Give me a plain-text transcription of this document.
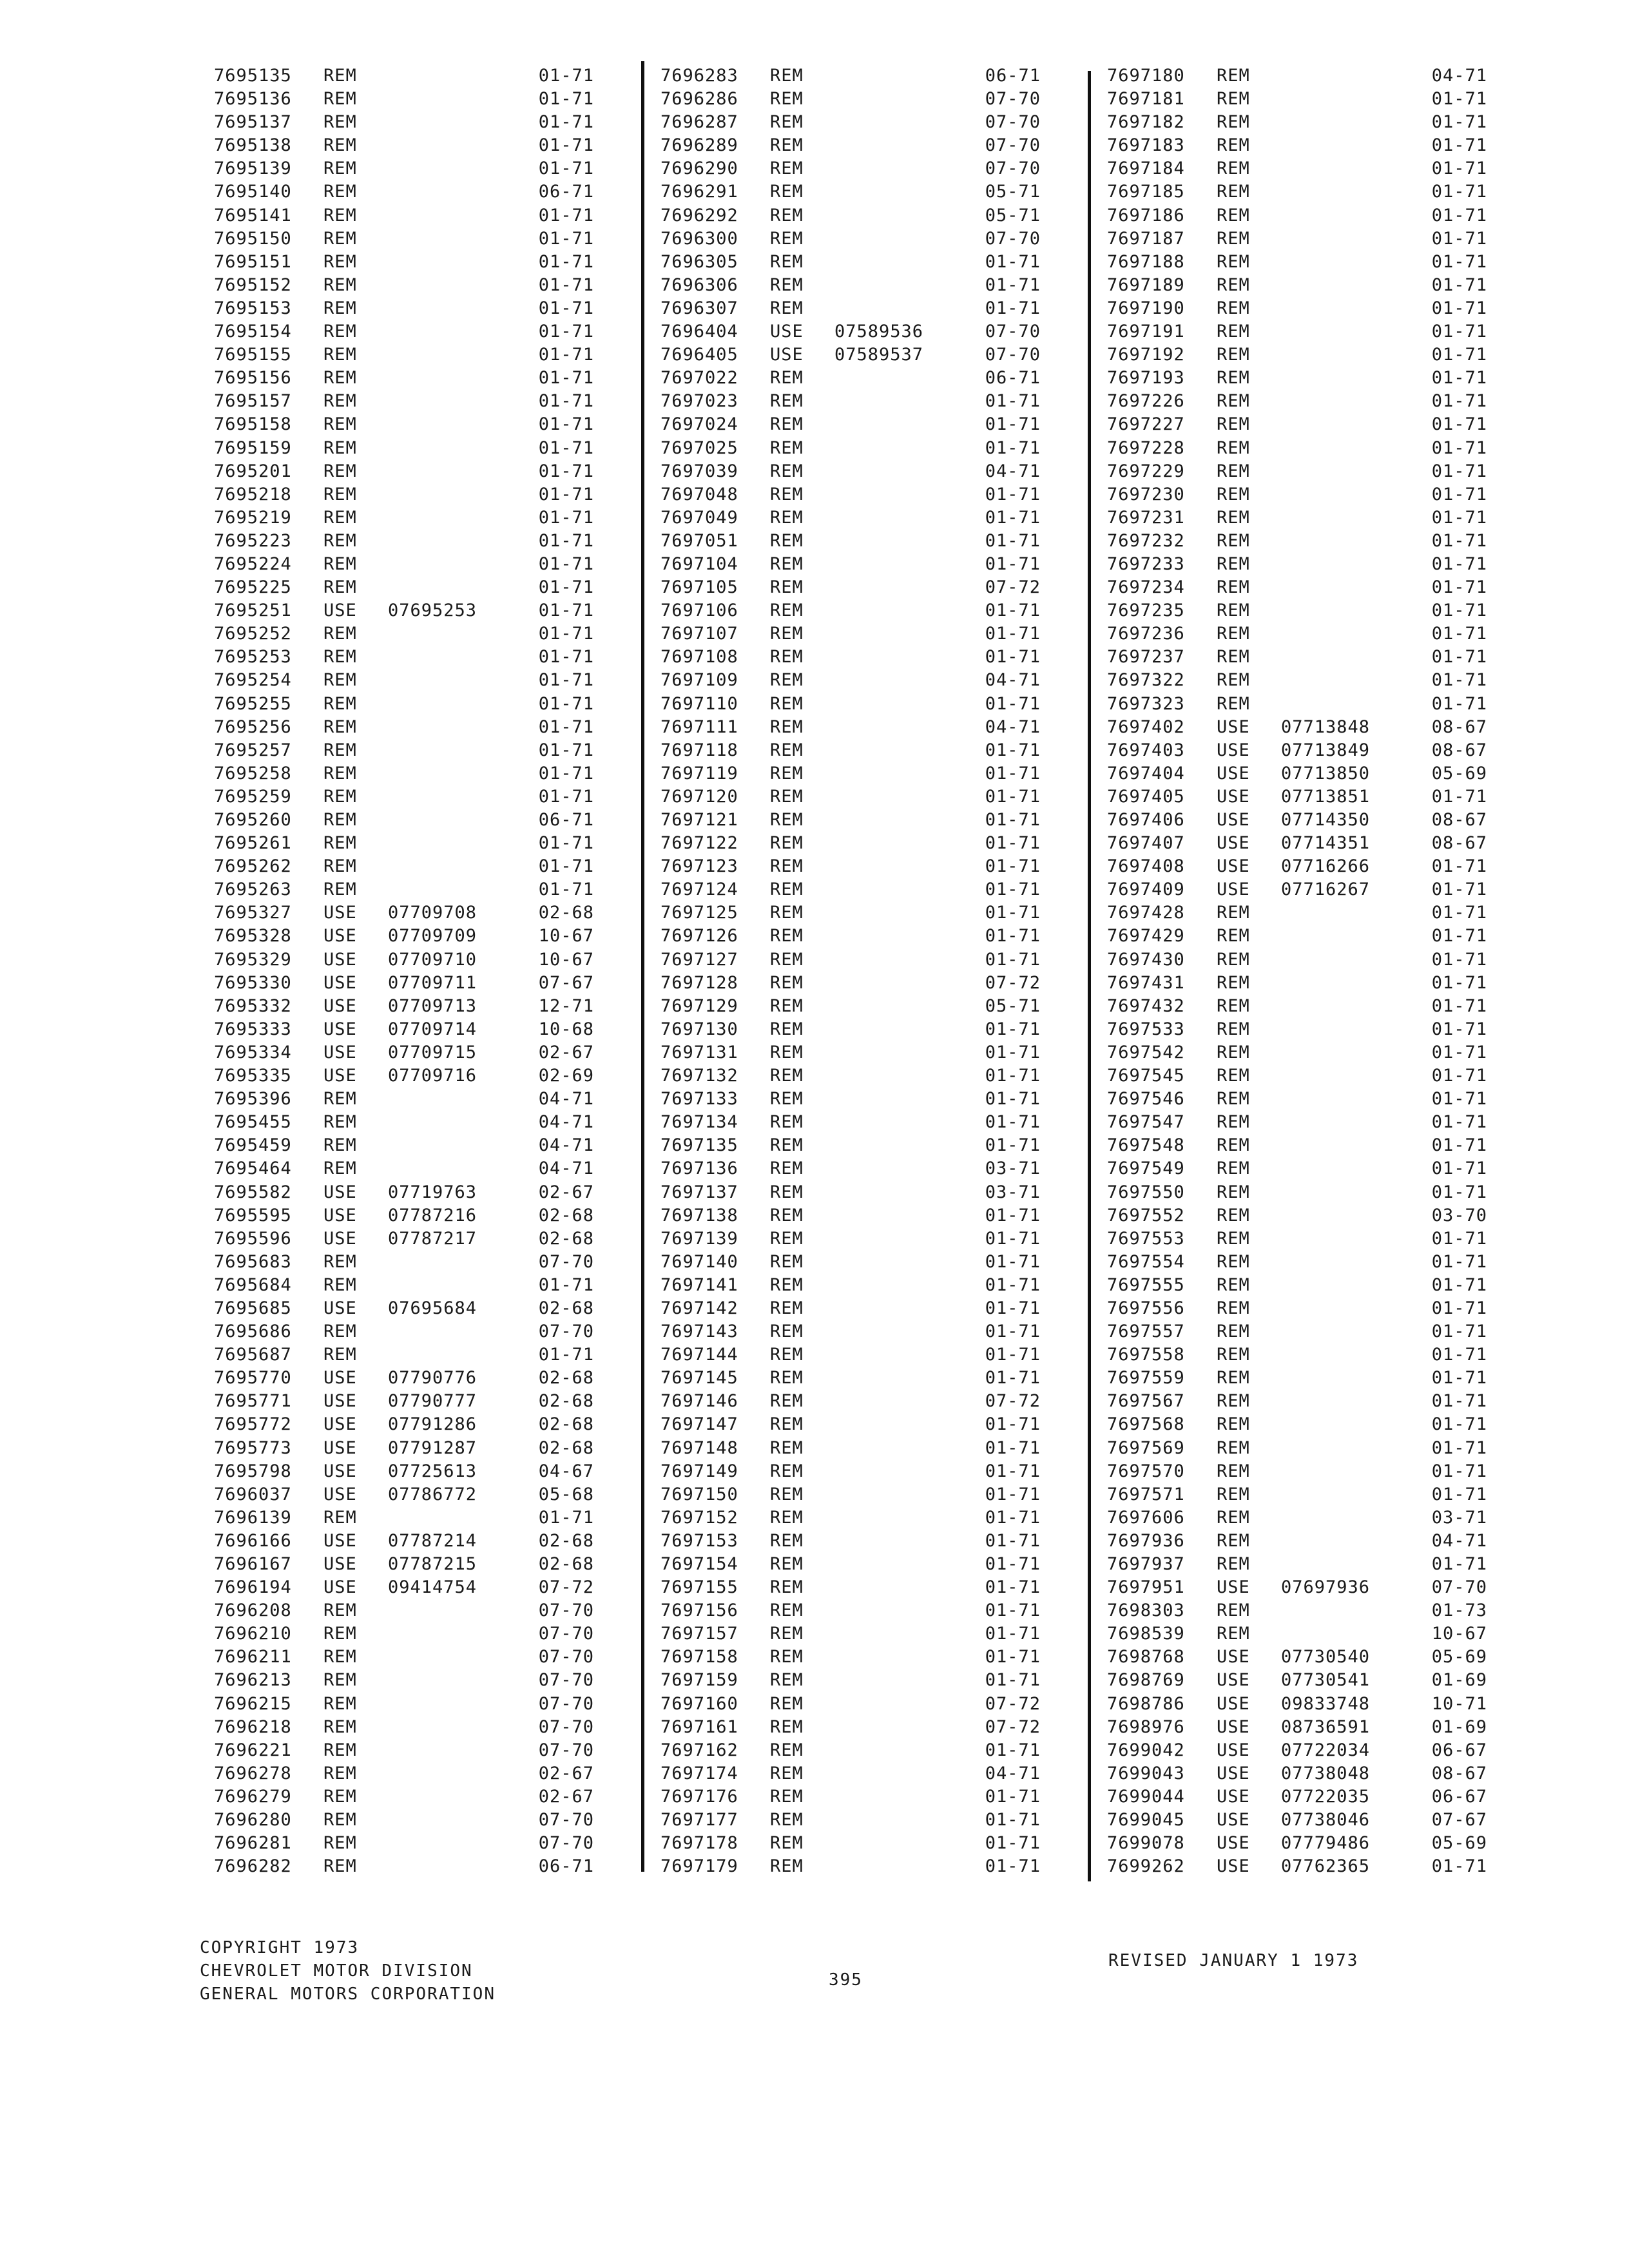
7695135	REM	01-71
7695136	REM	01-71
7695137	REM	01-71
7695138	REM	01-71
7695139	REM	01-71
7695140	REM	06-71
7695141	REM	01-71
7695150	REM	01-71
7695151	REM	01-71
7695152	REM	01-71
7695153	REM	01-71
7695154	REM	01-71
7695155	REM	01-71
7695156	REM	01-71
7695157	REM	01-71
7695158	REM	01-71
7695159	REM	01-71
7695201	REM	01-71
7695218	REM	01-71
7695219	REM	01-71
7695223	REM	01-71
7695224	REM	01-71
7695225	REM	01-71
7695251	USE	07695253	01-71
7695252	REM	01-71
7695253	REM	01-71
7695254	REM	01-71
7695255	REM	01-71
7695256	REM	01-71
7695257	REM	01-71
7695258	REM	01-71
7695259	REM	01-71
7695260	REM	06-71
7695261	REM	01-71
7695262	REM	01-71
7695263	REM	01-71
7695327	USE	07709708	02-68
7695328	USE	07709709	10-67
7695329	USE	07709710	10-67
7695330	USE	07709711	07-67
7695332	USE	07709713	12-71
7695333	USE	07709714	10-68
7695334	USE	07709715	02-67
7695335	USE	07709716	02-69
7695396	REM	04-71
7695455	REM	04-71
7695459	REM	04-71
7695464	REM	04-71
7695582	USE	07719763	02-67
7695595	USE	07787216	02-68
7695596	USE	07787217	02-68
7695683	REM	07-70
7695684	REM	01-71
7695685	USE	07695684	02-68
7695686	REM	07-70
7695687	REM	01-71
7695770	USE	07790776	02-68
7695771	USE	07790777	02-68
7695772	USE	07791286	02-68
7695773	USE	07791287	02-68
7695798	USE	07725613	04-67
7696037	USE	07786772	05-68
7696139	REM	01-71
7696166	USE	07787214	02-68
7696167	USE	07787215	02-68
7696194	USE	09414754	07-72
7696208	REM	07-70
7696210	REM	07-70
7696211	REM	07-70
7696213	REM	07-70
7696215	REM	07-70
7696218	REM	07-70
7696221	REM	07-70
7696278	REM	02-67
7696279	REM	02-67
7696280	REM	07-70
7696281	REM	07-70
7696282	REM	06-71
7696283	REM	06-71
7696286	REM	07-70
7696287	REM	07-70
7696289	REM	07-70
7696290	REM	07-70
7696291	REM	05-71
7696292	REM	05-71
7696300	REM	07-70
7696305	REM	01-71
7696306	REM	01-71
7696307	REM	01-71
7696404	USE	07589536	07-70
7696405	USE	07589537	07-70
7697022	REM	06-71
7697023	REM	01-71
7697024	REM	01-71
7697025	REM	01-71
7697039	REM	04-71
7697048	REM	01-71
7697049	REM	01-71
7697051	REM	01-71
7697104	REM	01-71
7697105	REM	07-72
7697106	REM	01-71
7697107	REM	01-71
7697108	REM	01-71
7697109	REM	04-71
7697110	REM	01-71
7697111	REM	04-71
7697118	REM	01-71
7697119	REM	01-71
7697120	REM	01-71
7697121	REM	01-71
7697122	REM	01-71
7697123	REM	01-71
7697124	REM	01-71
7697125	REM	01-71
7697126	REM	01-71
7697127	REM	01-71
7697128	REM	07-72
7697129	REM	05-71
7697130	REM	01-71
7697131	REM	01-71
7697132	REM	01-71
7697133	REM	01-71
7697134	REM	01-71
7697135	REM	01-71
7697136	REM	03-71
7697137	REM	03-71
7697138	REM	01-71
7697139	REM	01-71
7697140	REM	01-71
7697141	REM	01-71
7697142	REM	01-71
7697143	REM	01-71
7697144	REM	01-71
7697145	REM	01-71
7697146	REM	07-72
7697147	REM	01-71
7697148	REM	01-71
7697149	REM	01-71
7697150	REM	01-71
7697152	REM	01-71
7697153	REM	01-71
7697154	REM	01-71
7697155	REM	01-71
7697156	REM	01-71
7697157	REM	01-71
7697158	REM	01-71
7697159	REM	01-71
7697160	REM	07-72
7697161	REM	07-72
7697162	REM	01-71
7697174	REM	04-71
7697176	REM	01-71
7697177	REM	01-71
7697178	REM	01-71
7697179	REM	01-71
7697180	REM	04-71
7697181	REM	01-71
7697182	REM	01-71
7697183	REM	01-71
7697184	REM	01-71
7697185	REM	01-71
7697186	REM	01-71
7697187	REM	01-71
7697188	REM	01-71
7697189	REM	01-71
7697190	REM	01-71
7697191	REM	01-71
7697192	REM	01-71
7697193	REM	01-71
7697226	REM	01-71
7697227	REM	01-71
7697228	REM	01-71
7697229	REM	01-71
7697230	REM	01-71
7697231	REM	01-71
7697232	REM	01-71
7697233	REM	01-71
7697234	REM	01-71
7697235	REM	01-71
7697236	REM	01-71
7697237	REM	01-71
7697322	REM	01-71
7697323	REM	01-71
7697402	USE	07713848	08-67
7697403	USE	07713849	08-67
7697404	USE	07713850	05-69
7697405	USE	07713851	01-71
7697406	USE	07714350	08-67
7697407	USE	07714351	08-67
7697408	USE	07716266	01-71
7697409	USE	07716267	01-71
7697428	REM	01-71
7697429	REM	01-71
7697430	REM	01-71
7697431	REM	01-71
7697432	REM	01-71
7697533	REM	01-71
7697542	REM	01-71
7697545	REM	01-71
7697546	REM	01-71
7697547	REM	01-71
7697548	REM	01-71
7697549	REM	01-71
7697550	REM	01-71
7697552	REM	03-70
7697553	REM	01-71
7697554	REM	01-71
7697555	REM	01-71
7697556	REM	01-71
7697557	REM	01-71
7697558	REM	01-71
7697559	REM	01-71
7697567	REM	01-71
7697568	REM	01-71
7697569	REM	01-71
7697570	REM	01-71
7697571	REM	01-71
7697606	REM	03-71
7697936	REM	04-71
7697937	REM	01-71
7697951	USE	07697936	07-70
7698303	REM	01-73
7698539	REM	10-67
7698768	USE	07730540	05-69
7698769	USE	07730541	01-69
7698786	USE	09833748	10-71
7698976	USE	08736591	01-69
7699042	USE	07722034	06-67
7699043	USE	07738048	08-67
7699044	USE	07722035	06-67
7699045	USE	07738046	07-67
7699078	USE	07779486	05-69
7699262	USE	07762365	01-71
COPYRIGHT 1973
CHEVROLET MOTOR DIVISION
GENERAL MOTORS CORPORATION
395
REVISED JANUARY 1 1973
